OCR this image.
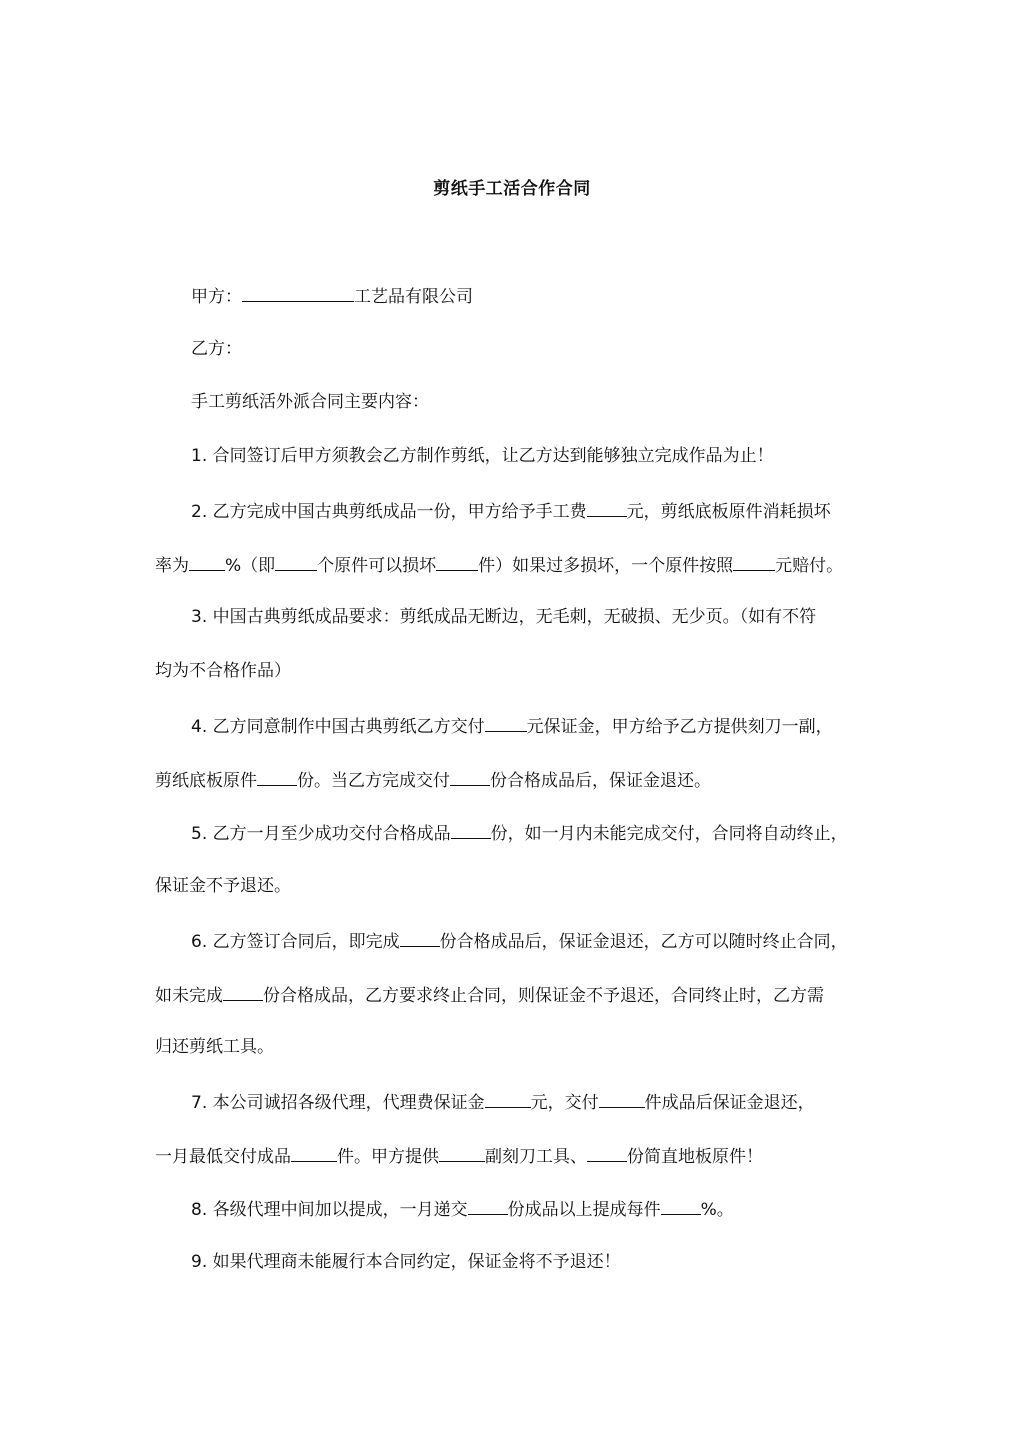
剪纸手工活合作合同
甲方：	工艺品有限公司
乙方：
手工剪纸活外派合同主要内容：
1. 合同签订后甲方须教会乙方制作剪纸，让乙方达到能够独立完成作品为止！
2. 乙方完成中国古典剪纸成品一份，甲方给予手工费 元，剪纸底板原件消耗损坏
率为 %（即 个原件可以损坏 件）如果过多损坏，一个原件按照 元赔付。
3. 中国古典剪纸成品要求：剪纸成品无断边，无毛刺，无破损、无少页。（如有不符
均为不合格作品）
4. 乙方同意制作中国古典剪纸乙方交付 元保证金，甲方给予乙方提供刻刀一副，
剪纸底板原件 份。当乙方完成交付 份合格成品后，保证金退还。
5. 乙方一月至少成功交付合格成品 份，如一月内未能完成交付，合同将自动终止，
保证金不予退还。
6. 乙方签订合同后，即完成 份合格成品后，保证金退还，乙方可以随时终止合同，
如未完成 份合格成品，乙方要求终止合同，则保证金不予退还，合同终止时，乙方需
归还剪纸工具。
7. 本公司诚招各级代理，代理费保证金	元，交付	件成品后保证金退还，
一月最低交付成品	件。甲方提供	副刻刀工具、 份简直地板原件！
8. 各级代理中间加以提成，一月递交 份成品以上提成每件 %。
9. 如果代理商未能履行本合同约定，保证金将不予退还！
